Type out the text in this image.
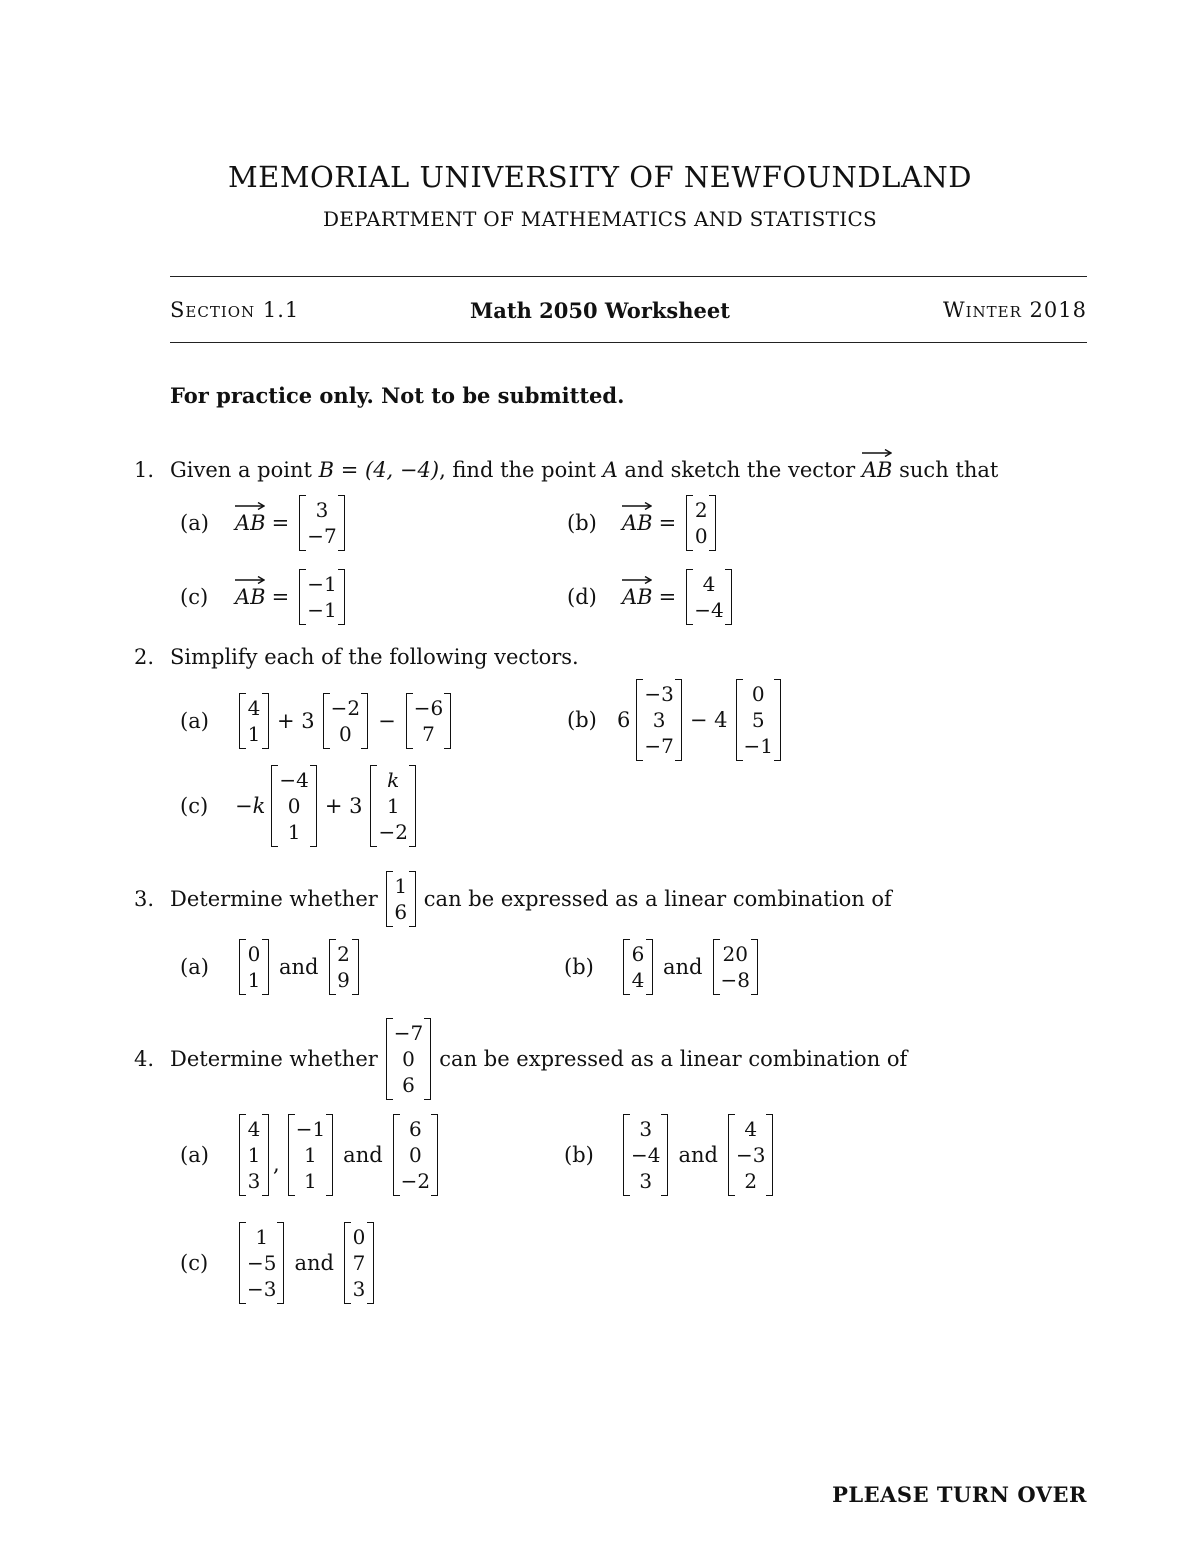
MEMORIAL UNIVERSITY OF NEWFOUNDLAND
DEPARTMENT OF MATHEMATICS AND STATISTICS
Section 1.1	Math 2050 Worksheet	Winter 2018
For practice only. Not to be submitted.
1. Given a point B = (4, −4) , find the point A and sketch the vector AB such that
(a)	AB =
3
−7
(b)	AB =
2
0
(c)	AB =
−1
−1
(d)	AB =
4
−4
2. Simplify each of the following vectors.
(a)
4
1
+ 3
−2
0
−
−6
7
(b) 6
−3
3
−7
− 4
0
5
−1
(c)	−k
−4
0
1
+ 3
k
1
−2
3. Determine whether
1
6
can be expressed as a linear combination of
(a)
0
1
and
2
9
(b)
6
4
and
20
−8
4. Determine whether
−7
0
6
can be expressed as a linear combination of
(a)
4
1
3
,
−1
1
1
and
6
0
−2
(b)
3
−4
3
and
4
−3
2
(c)
1
−5
−3
and
0
7
3
PLEASE TURN OVER
